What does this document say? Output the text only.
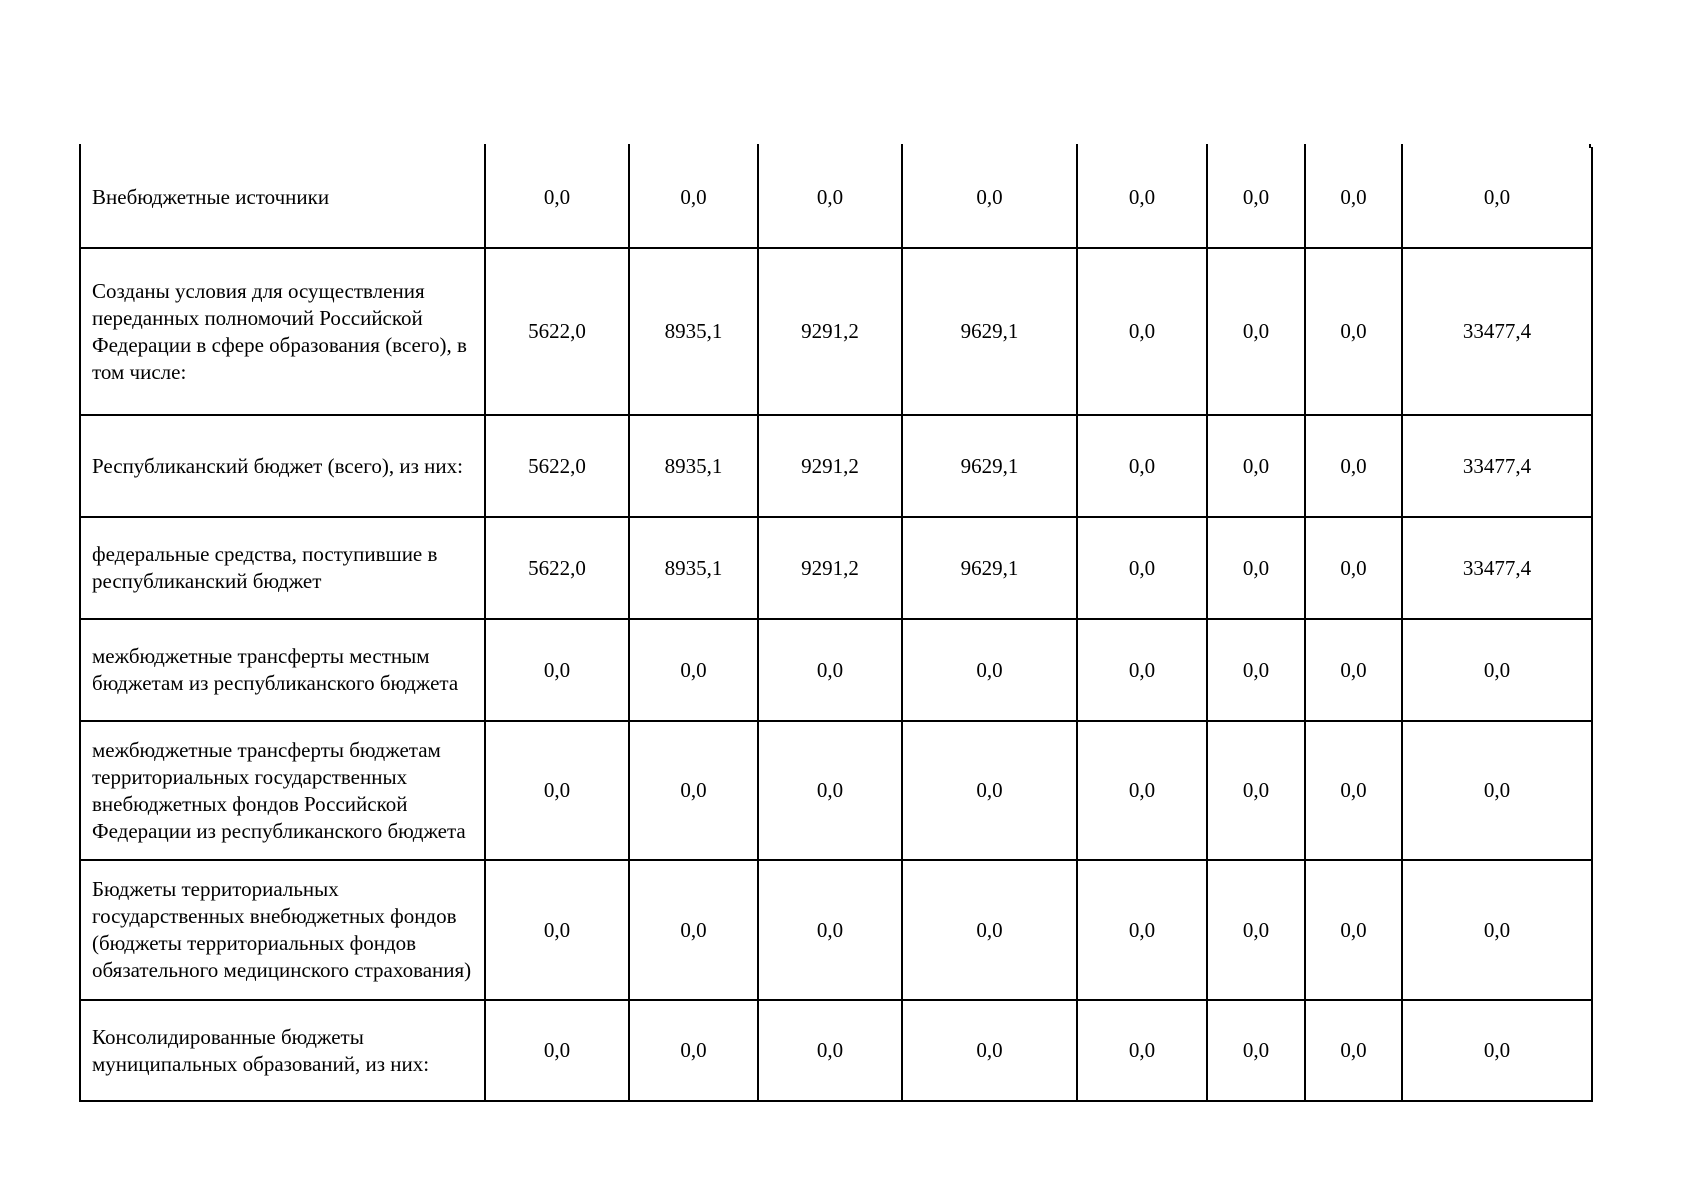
Внебюджетные источники	0,0	0,0	0,0	0,0	0,0	0,0	0,0	0,0
Созданы условия для осуществления переданных полномочий Российской Федерации в сфере образования (всего), в том числе:	5622,0	8935,1	9291,2	9629,1	0,0	0,0	0,0	33477,4
Республиканский бюджет (всего), из них:	5622,0	8935,1	9291,2	9629,1	0,0	0,0	0,0	33477,4
федеральные средства, поступившие в республиканский бюджет	5622,0	8935,1	9291,2	9629,1	0,0	0,0	0,0	33477,4
межбюджетные трансферты местным бюджетам из республиканского бюджета	0,0	0,0	0,0	0,0	0,0	0,0	0,0	0,0
межбюджетные трансферты бюджетам территориальных государственных внебюджетных фондов Российской Федерации из республиканского бюджета	0,0	0,0	0,0	0,0	0,0	0,0	0,0	0,0
Бюджеты территориальных государственных внебюджетных фондов (бюджеты территориальных фондов обязательного медицинского страхования)	0,0	0,0	0,0	0,0	0,0	0,0	0,0	0,0
Консолидированные бюджеты муниципальных образований, из них:	0,0	0,0	0,0	0,0	0,0	0,0	0,0	0,0
